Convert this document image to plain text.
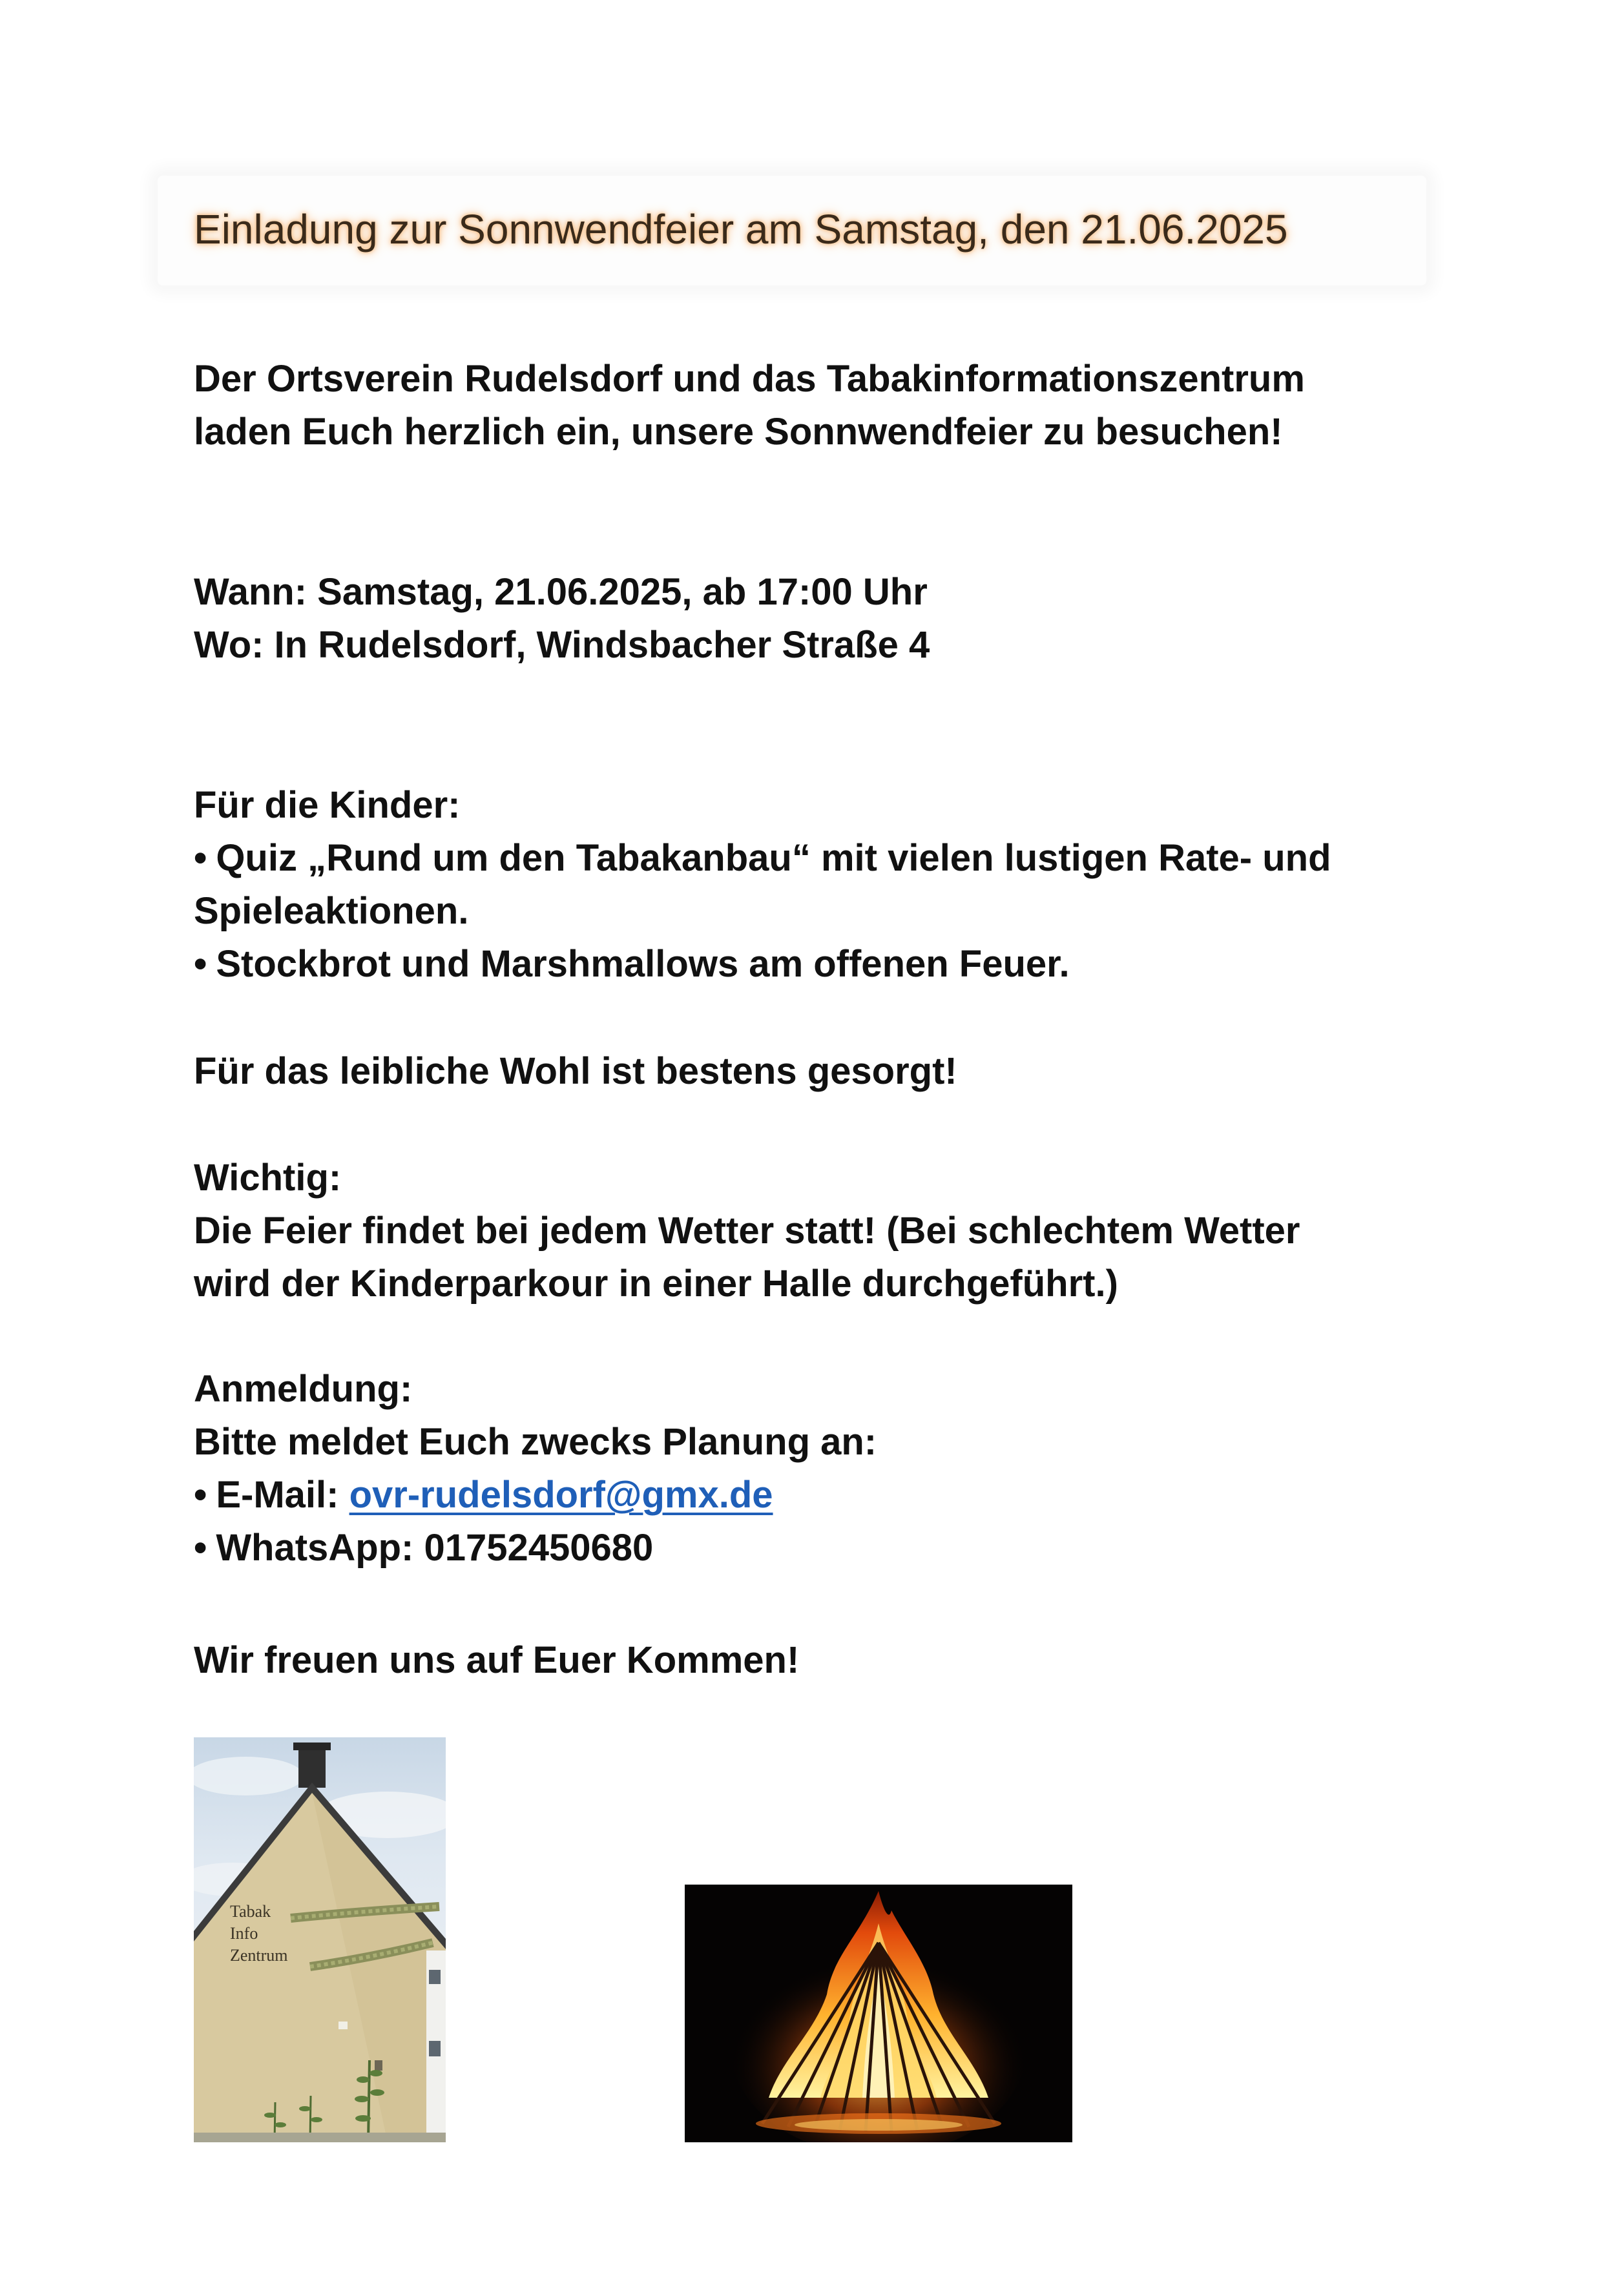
Einladung zur Sonnwendfeier am Samstag, den 21.06.2025
Der Ortsverein Rudelsdorf und das Tabakinformationszentrum
laden Euch herzlich ein, unsere Sonnwendfeier zu besuchen!
Wann: Samstag, 21.06.2025, ab 17:00 Uhr
Wo: In Rudelsdorf, Windsbacher Straße 4
Für die Kinder:
• Quiz „Rund um den Tabakanbau“ mit vielen lustigen Rate- und
Spieleaktionen.
• Stockbrot und Marshmallows am offenen Feuer.
Für das leibliche Wohl ist bestens gesorgt!
Wichtig:
Die Feier findet bei jedem Wetter statt! (Bei schlechtem Wetter
wird der Kinderparkour in einer Halle durchgeführt.)
Anmeldung:
Bitte meldet Euch zwecks Planung an:
• E-Mail: ovr-rudelsdorf@gmx.de
• WhatsApp: 01752450680
Wir freuen uns auf Euer Kommen!
Tabak
Info
Zentrum
